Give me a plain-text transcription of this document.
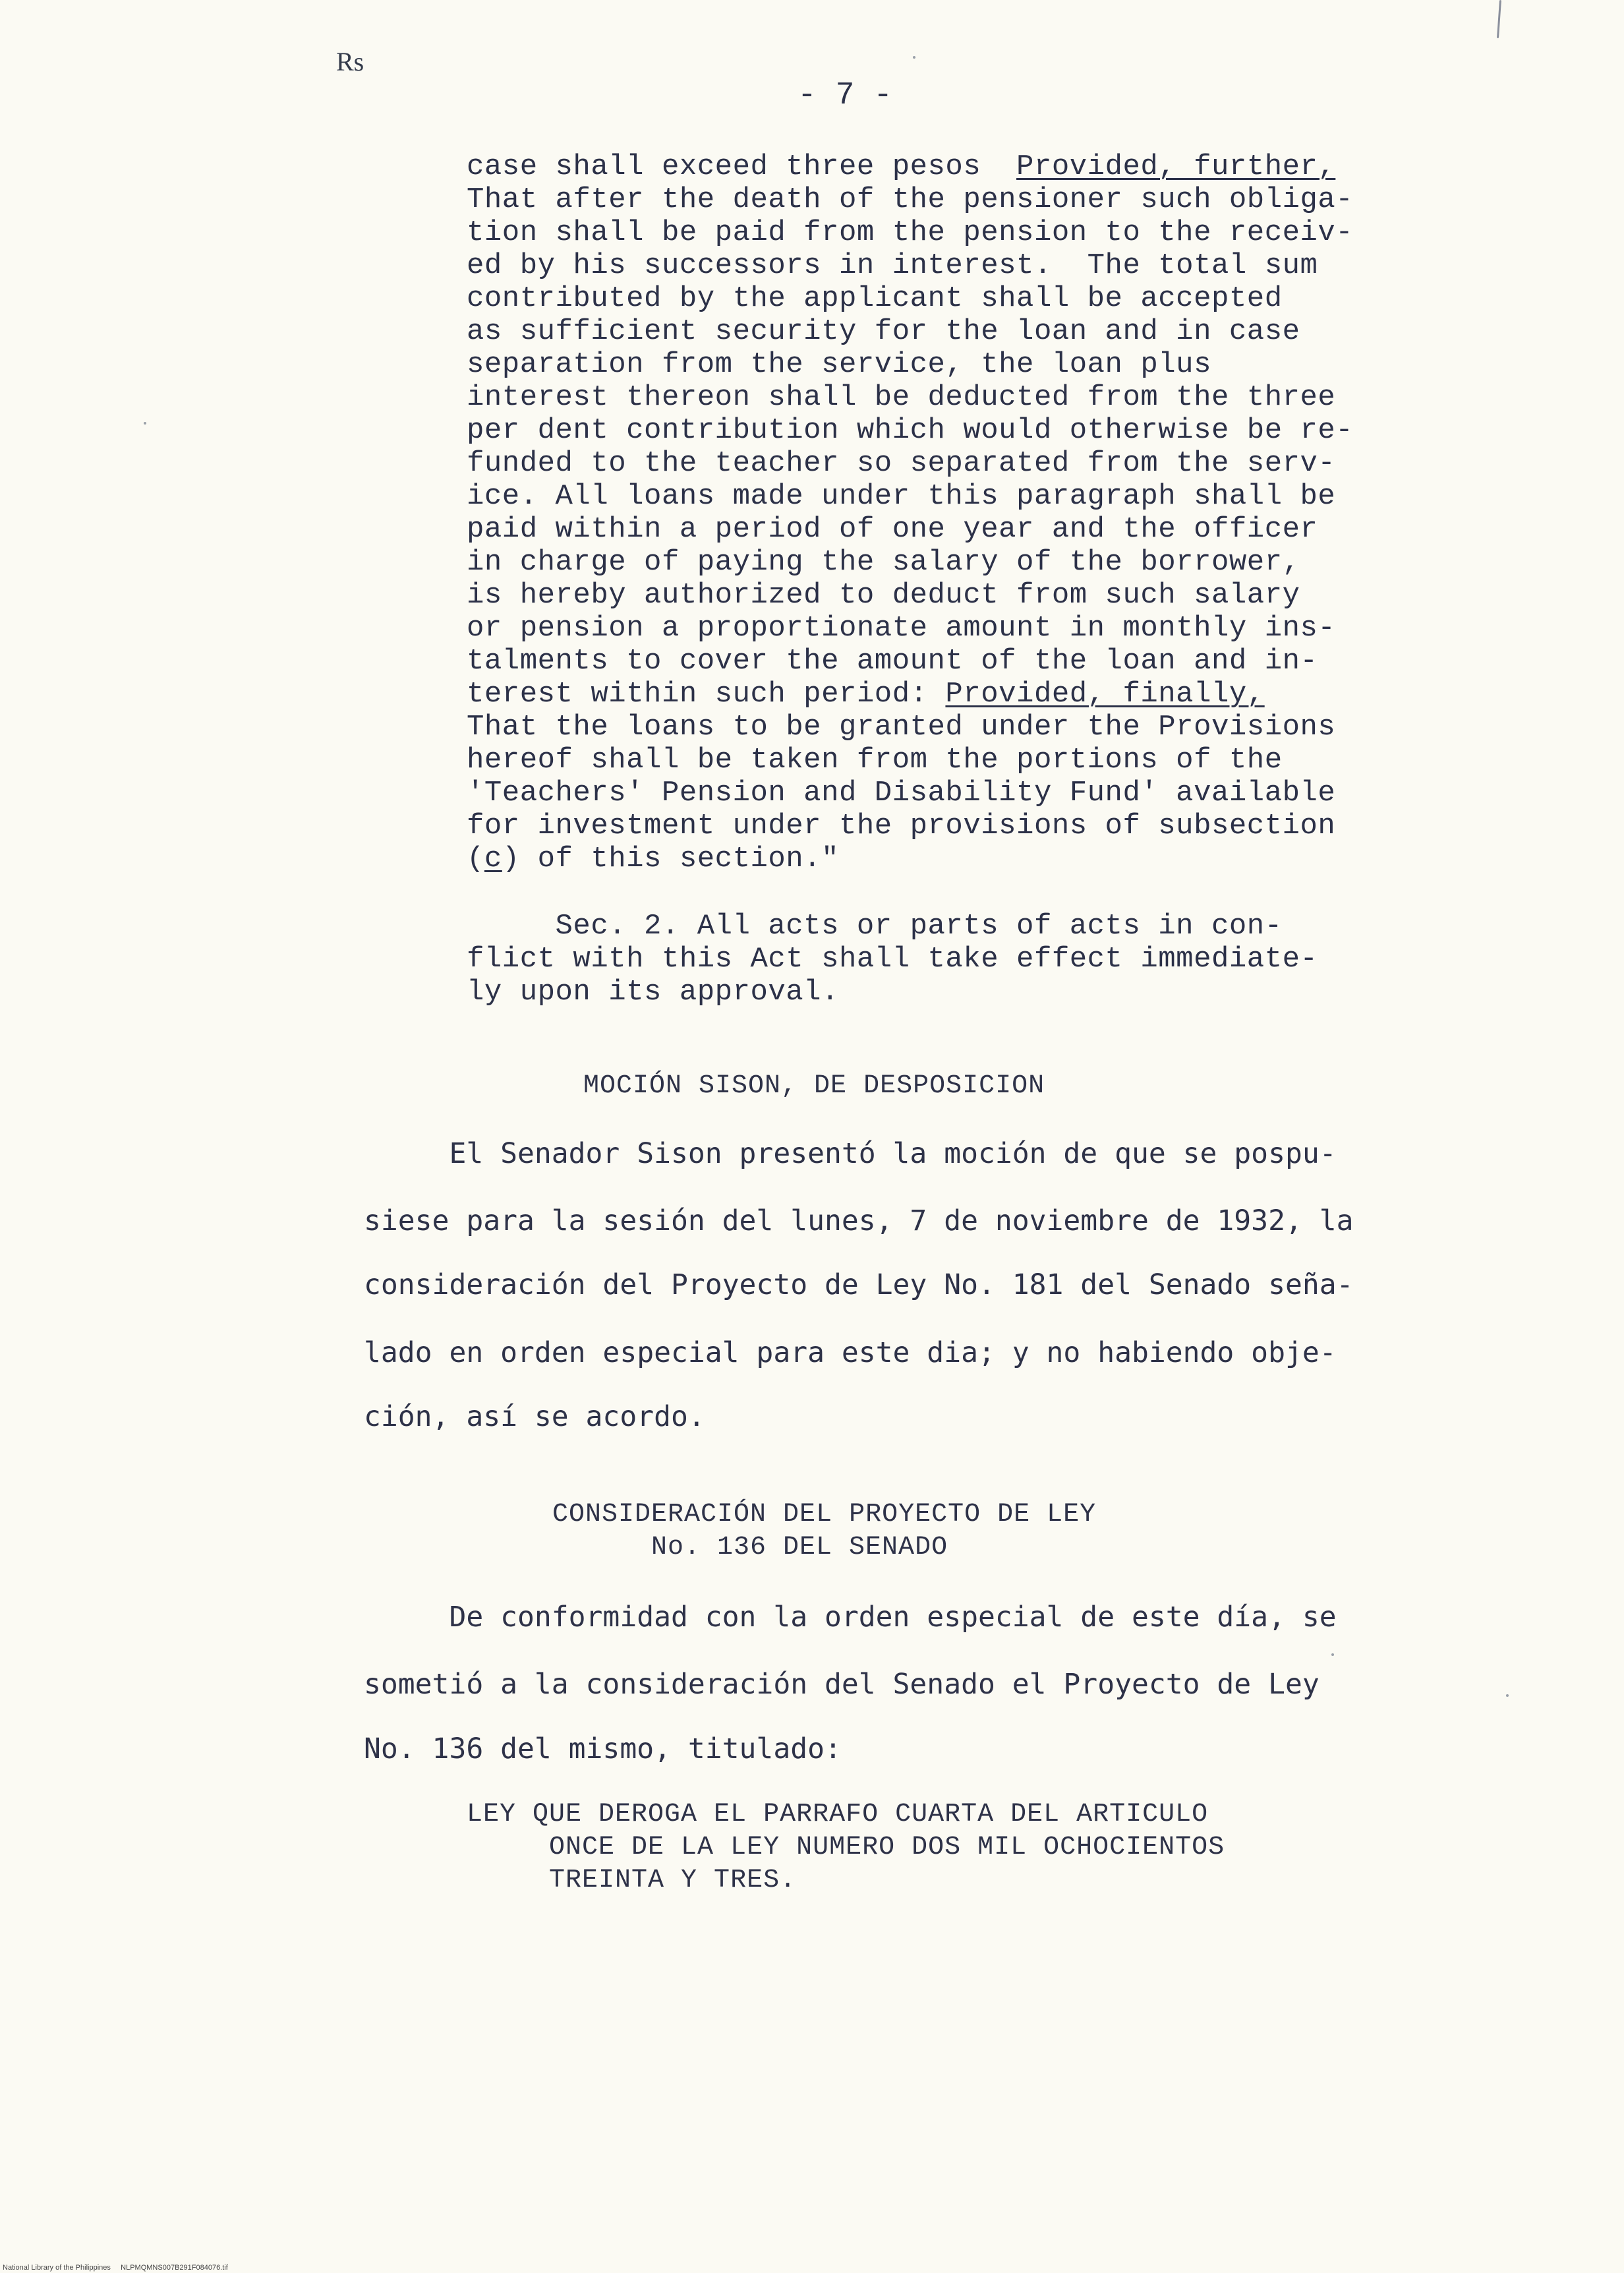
Rs
- 7 -
case shall exceed three pesos  Provided, further,
That after the death of the pensioner such obliga-
tion shall be paid from the pension to the receiv-
ed by his successors in interest.  The total sum
contributed by the applicant shall be accepted
as sufficient security for the loan and in case
separation from the service, the loan plus
interest thereon shall be deducted from the three
per dent contribution which would otherwise be re-
funded to the teacher so separated from the serv-
ice. All loans made under this paragraph shall be
paid within a period of one year and the officer
in charge of paying the salary of the borrower,
is hereby authorized to deduct from such salary
or pension a proportionate amount in monthly ins-
talments to cover the amount of the loan and in-
terest within such period: Provided, finally,
That the loans to be granted under the Provisions
hereof shall be taken from the portions of the
'Teachers' Pension and Disability Fund' available
for investment under the provisions of subsection
(c) of this section."
Sec. 2. All acts or parts of acts in con-
flict with this Act shall take effect immediate-
ly upon its approval.
MOCIÓN SISON, DE DESPOSICION
El Senador Sison presentó la moción de que se pospu-
siese para la sesión del lunes, 7 de noviembre de 1932, la
consideración del Proyecto de Ley No. 181 del Senado seña-
lado en orden especial para este dia; y no habiendo obje-
ción, así se acordo.
CONSIDERACIÓN DEL PROYECTO DE LEY
No. 136 DEL SENADO
De conformidad con la orden especial de este día, se
sometió a la consideración del Senado el Proyecto de Ley
No. 136 del mismo, titulado:
LEY QUE DEROGA EL PARRAFO CUARTA DEL ARTICULO
ONCE DE LA LEY NUMERO DOS MIL OCHOCIENTOS
TREINTA Y TRES.
National Library of the Philippines     NLPMQMNS007B291F084076.tif
